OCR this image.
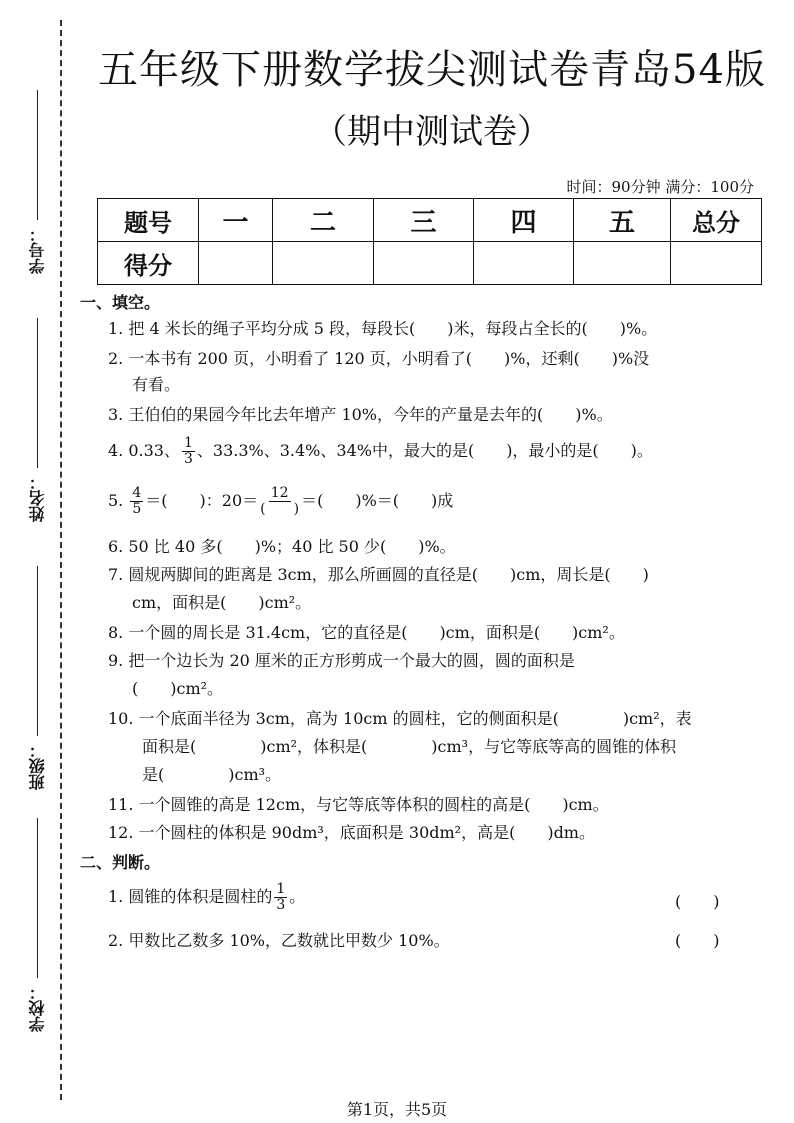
学号：
姓名：
班级：
学校：
五年级下册数学拔尖测试卷青岛54版
（期中测试卷）
时间：90分钟 满分：100分
题号	一	二	三	四	五	总分
得分						
一、填空。
1. 把 4 米长的绳子平均分成 5 段，每段长(　　)米，每段占全长的(　　)%。
2. 一本书有 200 页，小明看了 120 页，小明看了(　　)%，还剩(　　)%没
有看。
3. 王伯伯的果园今年比去年增产 10%，今年的产量是去年的(　　)%。
4. 0.33、 $\frac{1}{3}$ 、33.3%、3.4%、34%中，最大的是(　　)，最小的是(　　)。
5. $\frac{4}{5}$ ＝(　　)：$20= \frac{12}{( )}$ ＝(　　)%＝(　　)成
6. 50 比 40 多(　　)%；40 比 50 少(　　)%。
7. 圆规两脚间的距离是 3cm，那么所画圆的直径是(　　)cm，周长是(　　)
cm，面积是(　　)cm²。
8. 一个圆的周长是 31.4cm，它的直径是(　　)cm，面积是(　　)cm²。
9. 把一个边长为 20 厘米的正方形剪成一个最大的圆，圆的面积是
(　　)cm²。
10. 一个底面半径为 3cm，高为 10cm 的圆柱，它的侧面积是(　　　　)cm²，表
面积是(　　　　)cm²，体积是(　　　　)cm³，与它等底等高的圆锥的体积
是(　　　　)cm³。
11. 一个圆锥的高是 12cm，与它等底等体积的圆柱的高是(　　)cm。
12. 一个圆柱的体积是 90dm³，底面积是 30dm²，高是(　　)dm。
二、判断。
1. 圆锥的体积是圆柱的 $\frac{1}{3}$ 。	(　　)
2. 甲数比乙数多 10%，乙数就比甲数少 10%。	(　　)
第1页，共5页
